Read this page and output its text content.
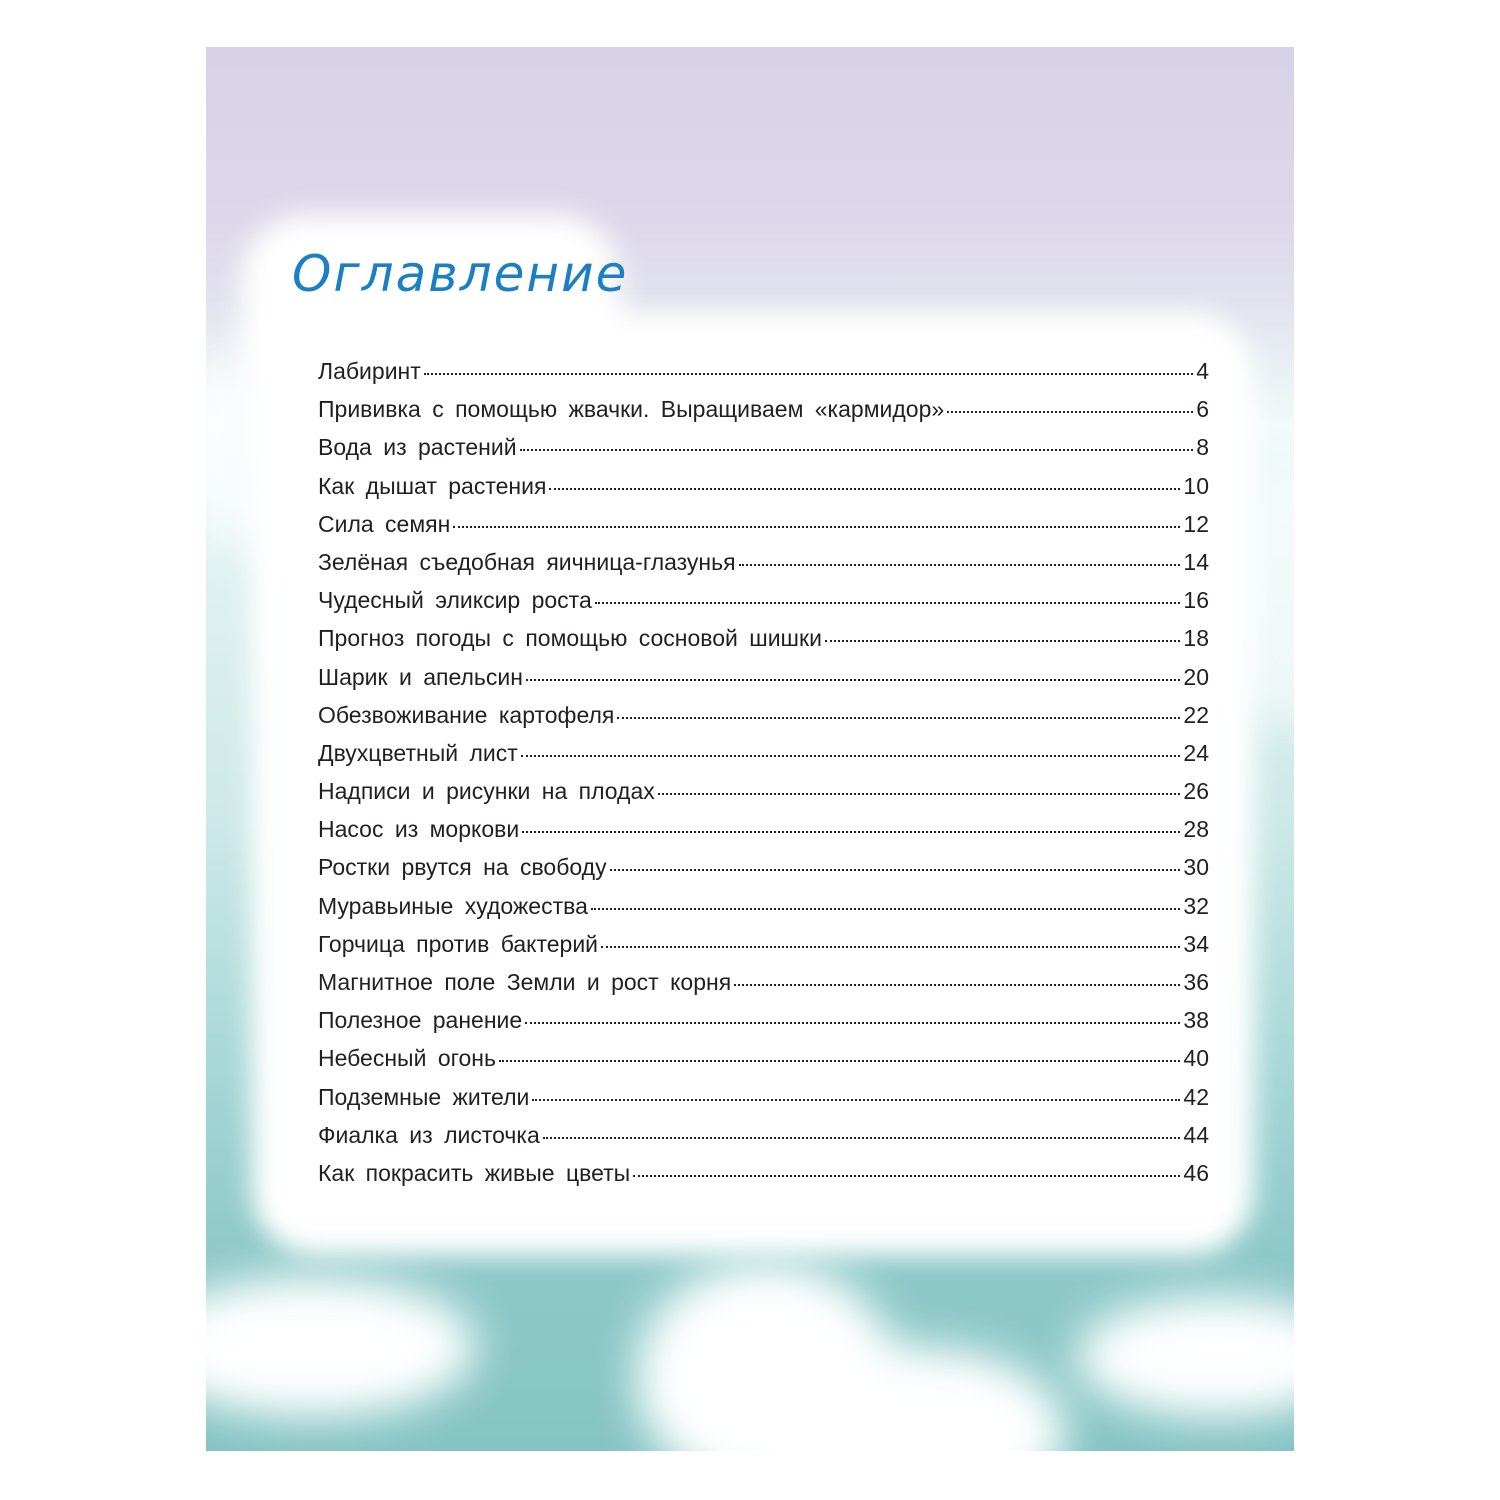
Оглавление
Лабиринт	4
Прививка с помощью жвачки. Выращиваем «кармидор»	6
Вода из растений	8
Как дышат растения	10
Сила семян	12
Зелёная съедобная яичница-глазунья	14
Чудесный эликсир роста	16
Прогноз погоды с помощью сосновой шишки	18
Шарик и апельсин	20
Обезвоживание картофеля	22
Двухцветный лист	24
Надписи и рисунки на плодах	26
Насос из моркови	28
Ростки рвутся на свободу	30
Муравьиные художества	32
Горчица против бактерий	34
Магнитное поле Земли и рост корня	36
Полезное ранение	38
Небесный огонь	40
Подземные жители	42
Фиалка из листочка	44
Как покрасить живые цветы	46
